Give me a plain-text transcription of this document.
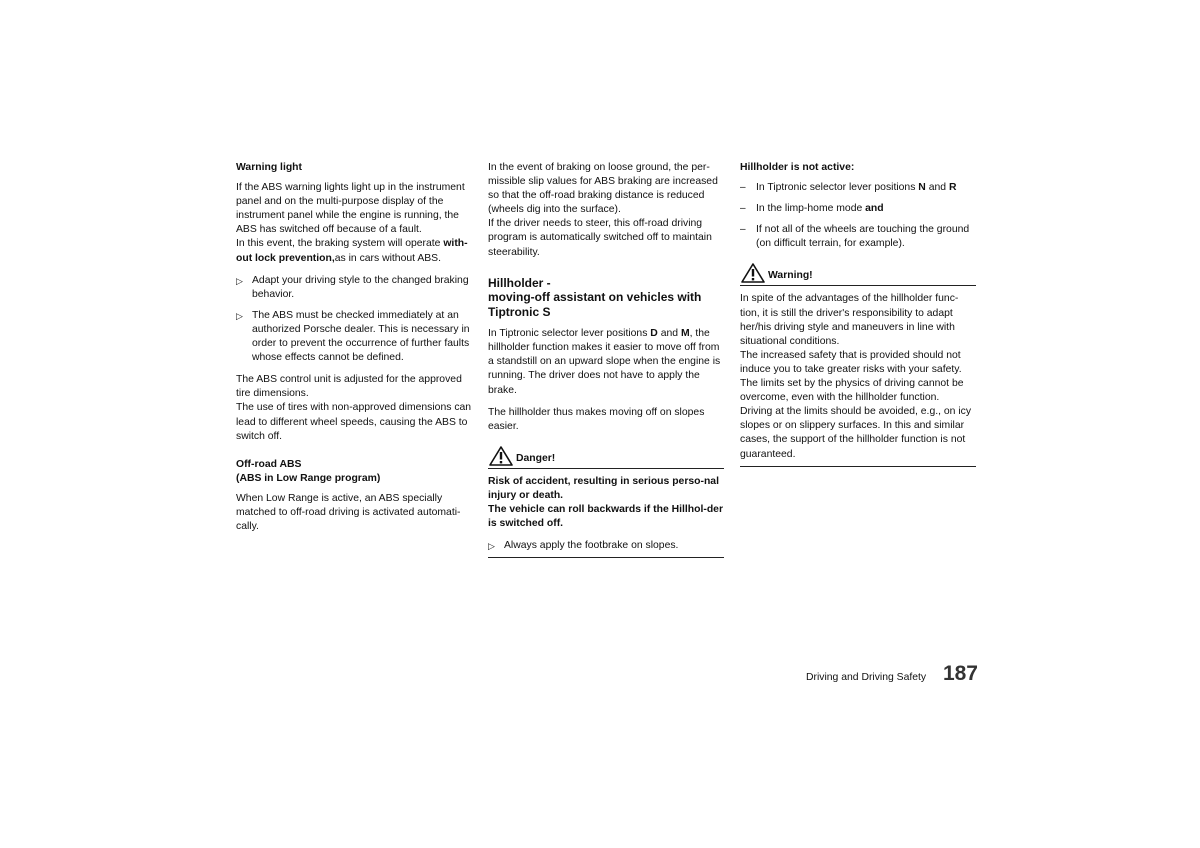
Warning light

If the ABS warning lights light up in the instrument panel and on the multi-purpose display of the instrument panel while the engine is running, the ABS has switched off because of a fault.

In this event, the braking system will operate with-out lock prevention,as in cars without ABS.

▷ Adapt your driving style to the changed braking behavior.
▷ The ABS must be checked immediately at an authorized Porsche dealer. This is necessary in order to prevent the occurrence of further faults whose effects cannot be defined.

The ABS control unit is adjusted for the approved tire dimensions.

The use of tires with non-approved dimensions can lead to different wheel speeds, causing the ABS to switch off.

Off-road ABS
(ABS in Low Range program)

When Low Range is active, an ABS specially matched to off-road driving is activated automati-cally.

In the event of braking on loose ground, the per-missible slip values for ABS braking are increased so that the off-road braking distance is reduced (wheels dig into the surface).

If the driver needs to steer, this off-road driving program is automatically switched off to maintain steerability.

Hillholder -
moving-off assistant on vehicles with
Tiptronic S

In Tiptronic selector lever positions D and M, the hillholder function makes it easier to move off from a standstill on an upward slope when the engine is running. The driver does not have to apply the brake.

The hillholder thus makes moving off on slopes easier.

Danger!

Risk of accident, resulting in serious perso-nal injury or death.

The vehicle can roll backwards if the Hillhol-der is switched off.

▷ Always apply the footbrake on slopes.
Hillholder is not active:
– In Tiptronic selector lever positions N and R
– In the limp-home mode and
– If not all of the wheels are touching the ground (on difficult terrain, for example).
Warning!

In spite of the advantages of the hillholder func-tion, it is still the driver's responsibility to adapt her/his driving style and maneuvers in line with situational conditions.

The increased safety that is provided should not induce you to take greater risks with your safety.

The limits set by the physics of driving cannot be overcome, even with the hillholder function.

Driving at the limits should be avoided, e.g., on icy slopes or on slippery surfaces. In this and similar cases, the support of the hillholder function is not guaranteed.

Driving and Driving Safety 187
